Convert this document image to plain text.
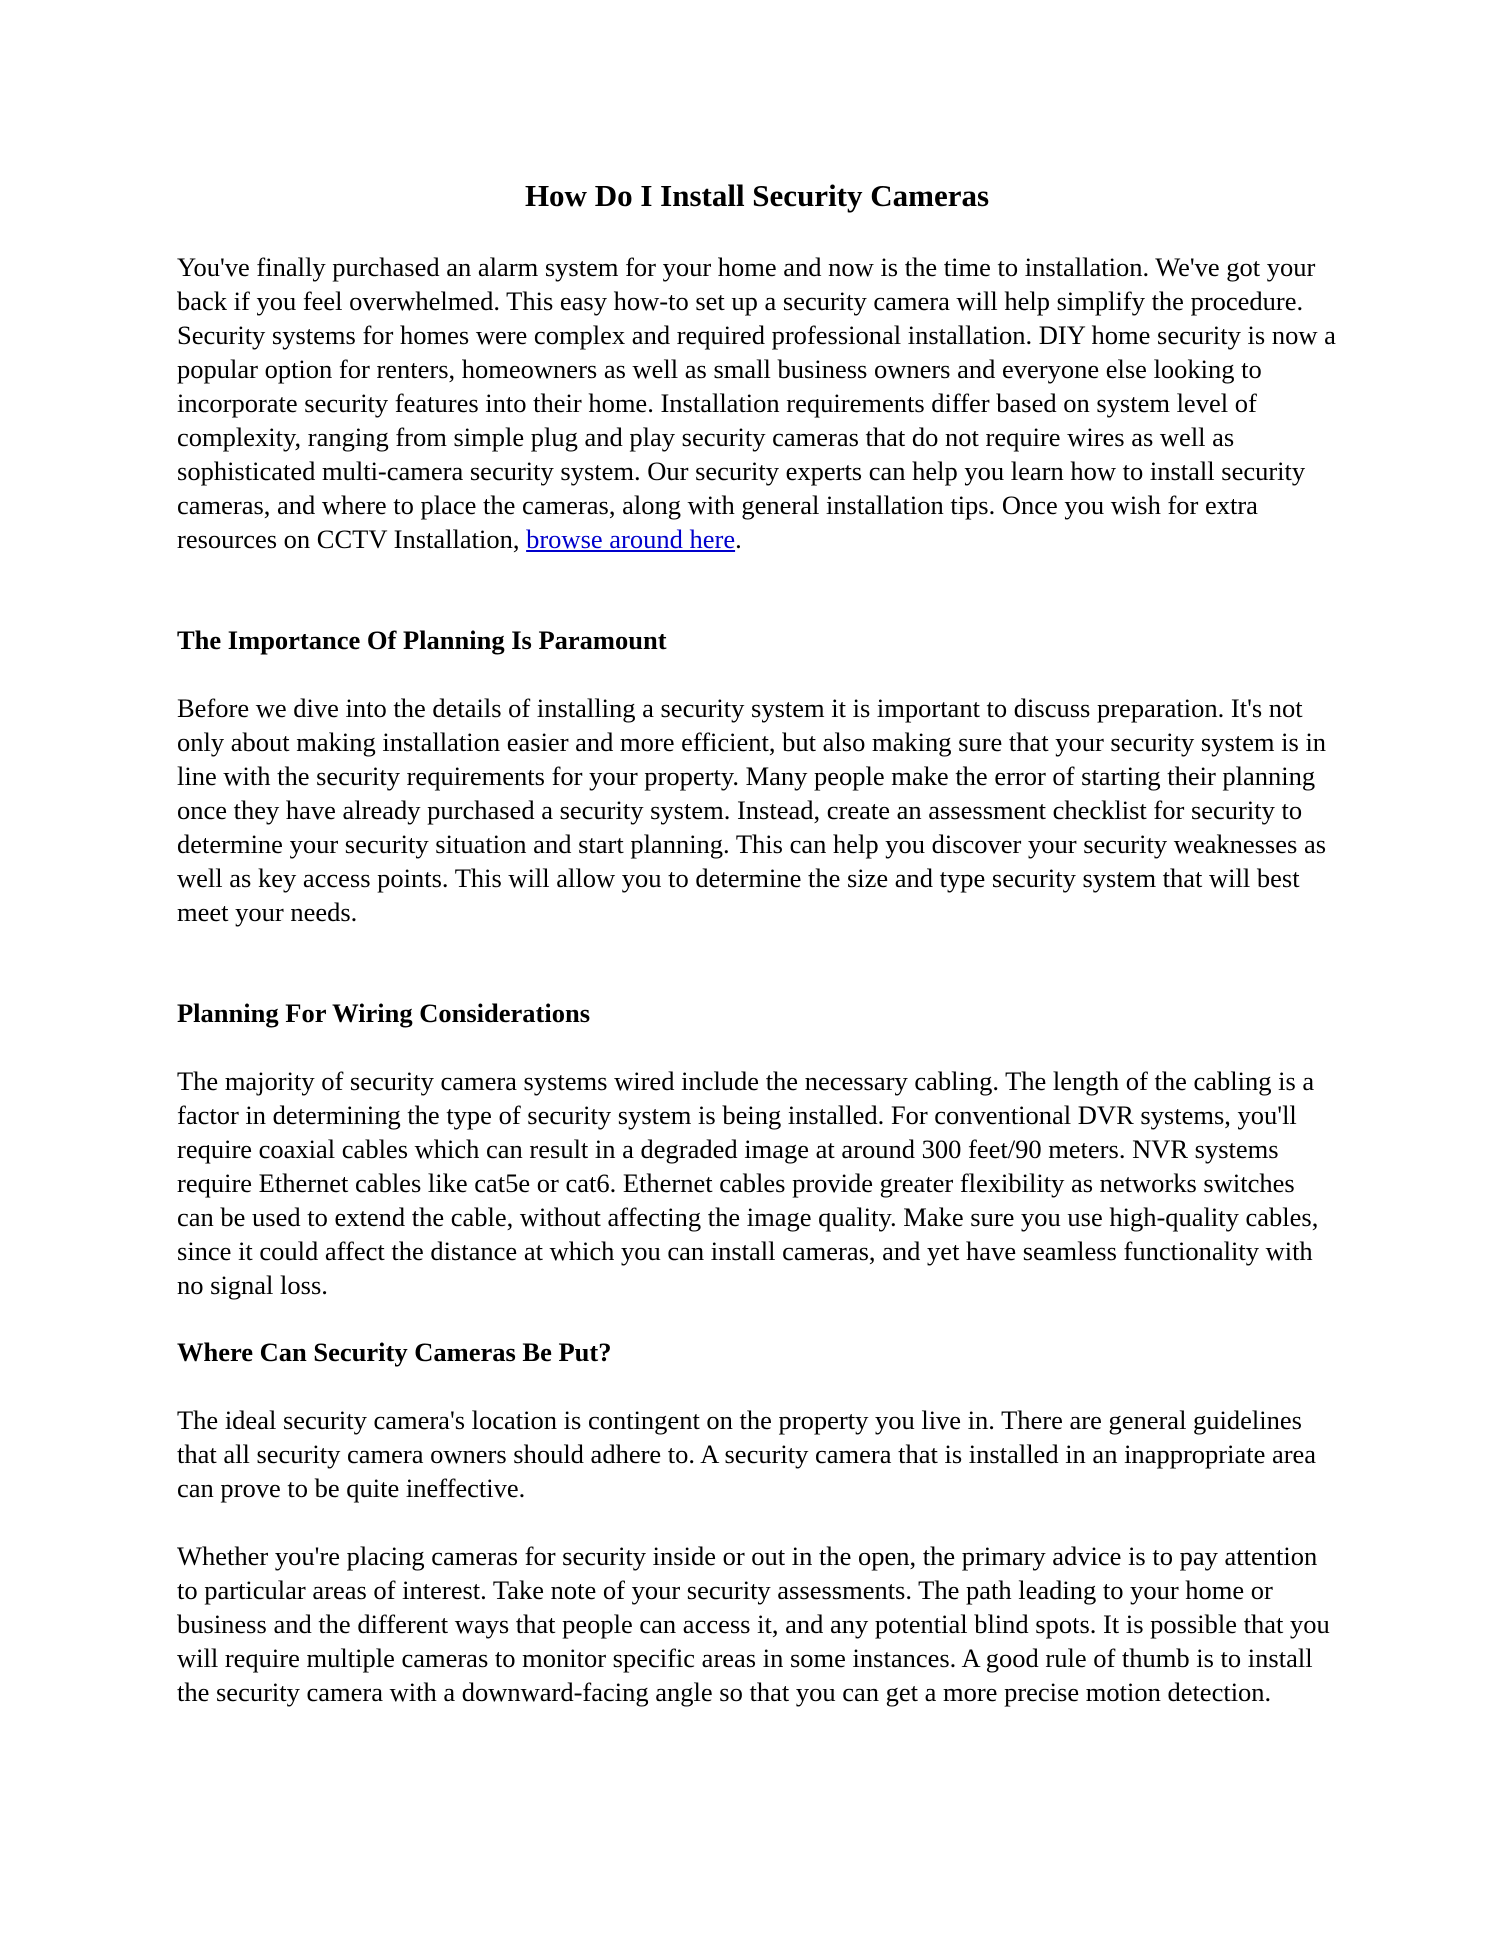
How Do I Install Security Cameras

You've finally purchased an alarm system for your home and now is the time to installation. We've got your back if you feel overwhelmed. This easy how-to set up a security camera will help simplify the procedure. Security systems for homes were complex and required professional installation. DIY home security is now a popular option for renters, homeowners as well as small business owners and everyone else looking to incorporate security features into their home. Installation requirements differ based on system level of complexity, ranging from simple plug and play security cameras that do not require wires as well as sophisticated multi-camera security system. Our security experts can help you learn how to install security cameras, and where to place the cameras, along with general installation tips. Once you wish for extra resources on CCTV Installation, browse around here.

The Importance Of Planning Is Paramount

Before we dive into the details of installing a security system it is important to discuss preparation. It's not only about making installation easier and more efficient, but also making sure that your security system is in line with the security requirements for your property. Many people make the error of starting their planning once they have already purchased a security system. Instead, create an assessment checklist for security to determine your security situation and start planning. This can help you discover your security weaknesses as well as key access points. This will allow you to determine the size and type security system that will best meet your needs.

Planning For Wiring Considerations

The majority of security camera systems wired include the necessary cabling. The length of the cabling is a factor in determining the type of security system is being installed. For conventional DVR systems, you'll require coaxial cables which can result in a degraded image at around 300 feet/90 meters. NVR systems require Ethernet cables like cat5e or cat6. Ethernet cables provide greater flexibility as networks switches can be used to extend the cable, without affecting the image quality. Make sure you use high-quality cables, since it could affect the distance at which you can install cameras, and yet have seamless functionality with no signal loss.

Where Can Security Cameras Be Put?

The ideal security camera's location is contingent on the property you live in. There are general guidelines that all security camera owners should adhere to. A security camera that is installed in an inappropriate area can prove to be quite ineffective.

Whether you're placing cameras for security inside or out in the open, the primary advice is to pay attention to particular areas of interest. Take note of your security assessments. The path leading to your home or business and the different ways that people can access it, and any potential blind spots. It is possible that you will require multiple cameras to monitor specific areas in some instances. A good rule of thumb is to install the security camera with a downward-facing angle so that you can get a more precise motion detection.
